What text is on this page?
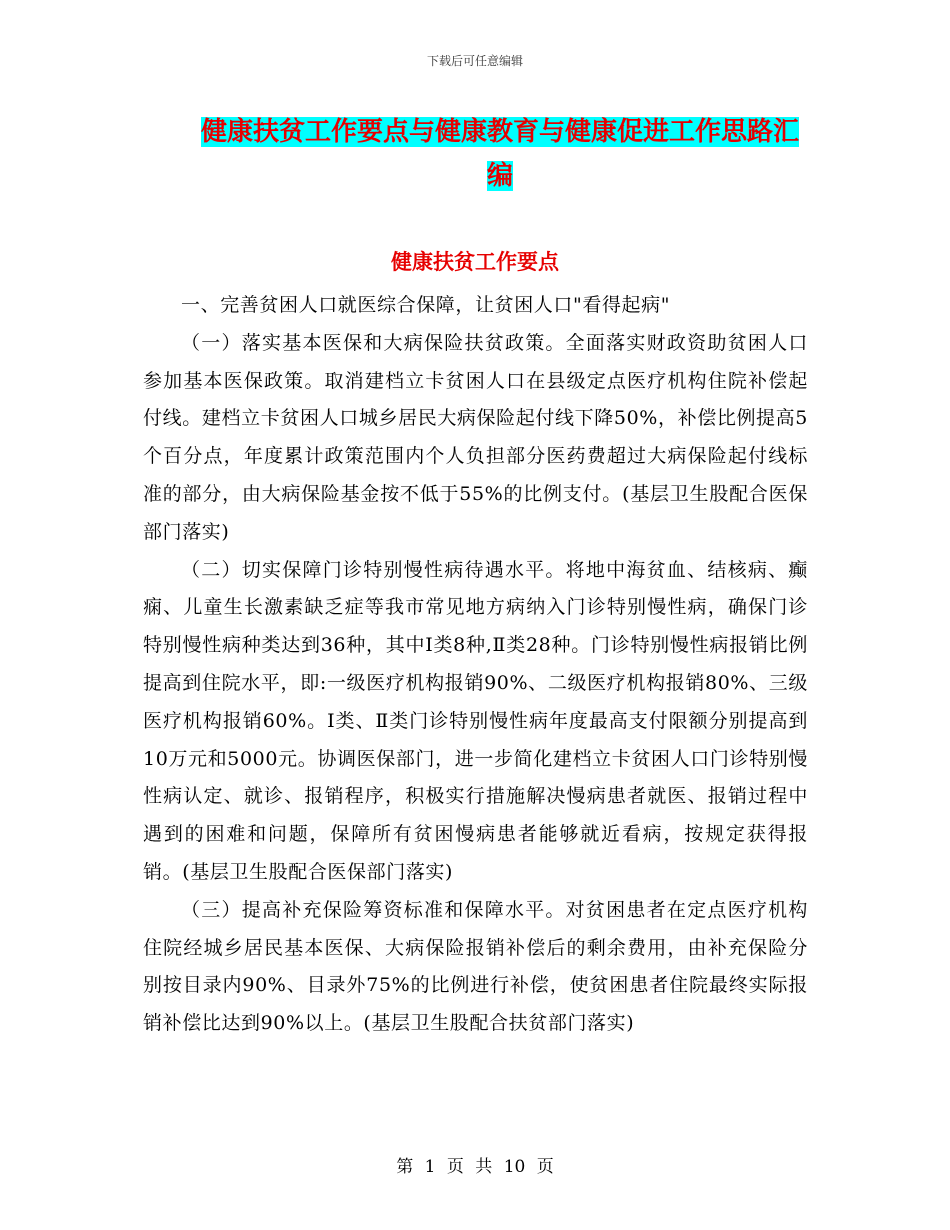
下载后可任意编辑
健康扶贫工作要点与健康教育与健康促进工作思路汇
编
健康扶贫工作要点

一、完善贫困人口就医综合保障，让贫困人口"看得起病"

（一）落实基本医保和大病保险扶贫政策。全面落实财政资助贫困人口参加基本医保政策。取消建档立卡贫困人口在县级定点医疗机构住院补偿起付线。建档立卡贫困人口城乡居民大病保险起付线下降50%，补偿比例提高5个百分点，年度累计政策范围内个人负担部分医药费超过大病保险起付线标准的部分，由大病保险基金按不低于55%的比例支付。(基层卫生股配合医保部门落实)

（二）切实保障门诊特别慢性病待遇水平。将地中海贫血、结核病、癫痫、儿童生长激素缺乏症等我市常见地方病纳入门诊特别慢性病，确保门诊特别慢性病种类达到36种，其中Ⅰ类8种,Ⅱ类28种。门诊特别慢性病报销比例提高到住院水平，即:一级医疗机构报销90%、二级医疗机构报销80%、三级医疗机构报销60%。Ⅰ类、Ⅱ类门诊特别慢性病年度最高支付限额分别提高到10万元和5000元。协调医保部门，进一步简化建档立卡贫困人口门诊特别慢性病认定、就诊、报销程序，积极实行措施解决慢病患者就医、报销过程中遇到的困难和问题，保障所有贫困慢病患者能够就近看病，按规定获得报销。(基层卫生股配合医保部门落实)

（三）提高补充保险筹资标准和保障水平。对贫困患者在定点医疗机构住院经城乡居民基本医保、大病保险报销补偿后的剩余费用，由补充保险分别按目录内90%、目录外75%的比例进行补偿，使贫困患者住院最终实际报销补偿比达到90%以上。(基层卫生股配合扶贫部门落实)

第 1 页 共 10 页
